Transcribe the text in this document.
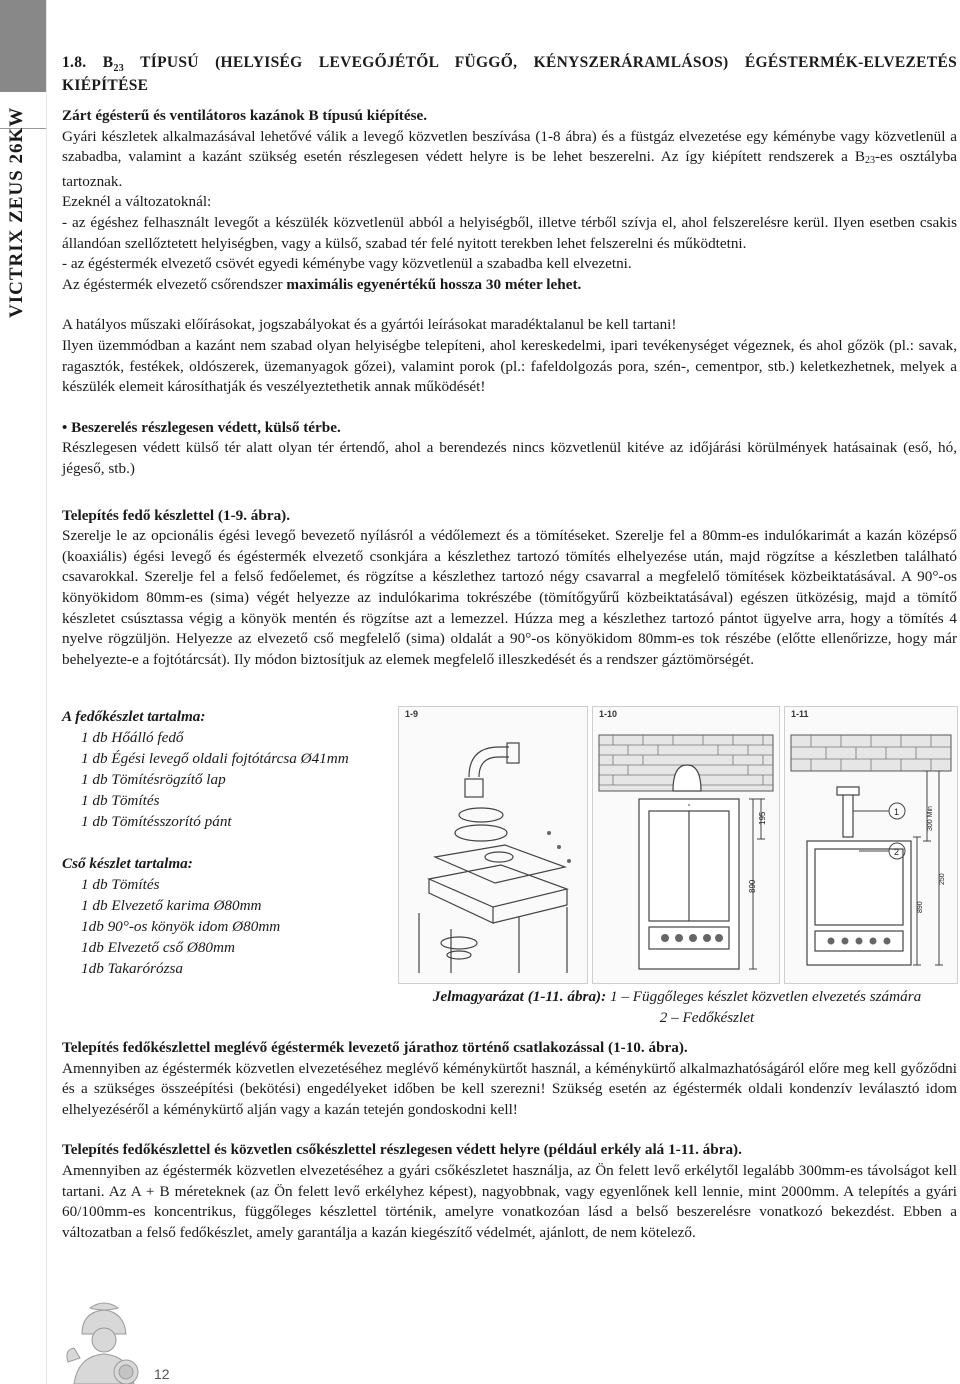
VICTRIX ZEUS 26KW
1.8. $B_{23}$ TÍPUSÚ (HELYISÉG LEVEGŐJÉTŐL FÜGGŐ, KÉNYSZERÁRAMLÁSOS) ÉGÉSTERMÉK-ELVEZETÉS KIÉPÍTÉSE

Zárt égésterű és ventilátoros kazánok B típusú kiépítése.

Gyári készletek alkalmazásával lehetővé válik a levegő közvetlen beszívása (1-8 ábra) és a füstgáz elvezetése egy kéménybe vagy közvetlenül a szabadba, valamint a kazánt szükség esetén részlegesen védett helyre is be lehet beszerelni. Az így kiépített rendszerek a $B_{23}-es$ osztályba tartoznak.

Ezeknél a változatoknál:

- az égéshez felhasznált levegőt a készülék közvetlenül abból a helyiségből, illetve térből szívja el, ahol felszerelésre kerül. Ilyen esetben csakis állandóan szellőztetett helyiségben, vagy a külső, szabad tér felé nyitott terekben lehet felszerelni és működtetni.

- az égéstermék elvezető csövét egyedi kéménybe vagy közvetlenül a szabadba kell elvezetni.

Az égéstermék elvezető csőrendszer maximális egyenértékű hossza 30 méter lehet.

A hatályos műszaki előírásokat, jogszabályokat és a gyártói leírásokat maradéktalanul be kell tartani!

Ilyen üzemmódban a kazánt nem szabad olyan helyiségbe telepíteni, ahol kereskedelmi, ipari tevékenységet végeznek, és ahol gőzök (pl.: savak, ragasztók, festékek, oldószerek, üzemanyagok gőzei), valamint porok (pl.: fafeldolgozás pora, szén-, cementpor, stb.) keletkezhetnek, melyek a készülék elemeit károsíthatják és veszélyeztethetik annak működését!

• Beszerelés részlegesen védett, külső térbe.

Részlegesen védett külső tér alatt olyan tér értendő, ahol a berendezés nincs közvetlenül kitéve az időjárási körülmények hatásainak (eső, hó, jégeső, stb.)

Telepítés fedő készlettel (1-9. ábra).

Szerelje le az opcionális égési levegő bevezető nyílásról a védőlemezt és a tömítéseket. Szerelje fel a 80mm-es indulókarimát a kazán középső (koaxiális) égési levegő és égéstermék elvezető csonkjára a készlethez tartozó tömítés elhelyezése után, majd rögzítse a készletben található csavarokkal. Szerelje fel a felső fedőelemet, és rögzítse a készlethez tartozó négy csavarral a megfelelő tömítések közbeiktatásával. A 90°-os könyökidom 80mm-es (sima) végét helyezze az indulókarima tokrészébe (tömítőgyűrű közbeiktatásával) egészen ütközésig, majd a tömítő készletet csúsztassa végig a könyök mentén és rögzítse azt a lemezzel. Húzza meg a készlethez tartozó pántot ügyelve arra, hogy a tömítés 4 nyelve rögzüljön. Helyezze az elvezető cső megfelelő (sima) oldalát a 90°-os könyökidom 80mm-es tok részébe (előtte ellenőrizze, hogy már behelyezte-e a fojtótárcsát). Ily módon biztosítjuk az elemek megfelelő illeszkedését és a rendszer gáztömörségét.

A fedőkészlet tartalma:
1 db Hőálló fedő
1 db Égési levegő oldali fojtótárcsa Ø41mm
1 db Tömítésrögzítő lap
1 db Tömítés
1 db Tömítésszorító pánt
Cső készlet tartalma:
1 db Tömítés
1 db Elvezető karima Ø80mm
1db 90°-os könyök idom Ø80mm
1db Elvezető cső Ø80mm
1db Takarórózsa
1-9	1-10
890
195
1-11
1
2
300 Min
250
890
Jelmagyarázat (1-11. ábra): 1 – Függőleges készlet közvetlen elvezetés számára
2 – Fedőkészlet

Telepítés fedőkészlettel meglévő égéstermék levezető járathoz történő csatlakozással (1-10. ábra).

Amennyiben az égéstermék közvetlen elvezetéséhez meglévő kéménykürtőt használ, a kéménykürtő alkalmazhatóságáról előre meg kell győződni és a szükséges összeépítési (bekötési) engedélyeket időben be kell szerezni! Szükség esetén az égéstermék oldali kondenzív leválasztó idom elhelyezéséről a kéménykürtő alján vagy a kazán tetején gondoskodni kell!

Telepítés fedőkészlettel és közvetlen csőkészlettel részlegesen védett helyre (például erkély alá 1-11. ábra).

Amennyiben az égéstermék közvetlen elvezetéséhez a gyári csőkészletet használja, az Ön felett levő erkélytől legalább 300mm-es távolságot kell tartani. Az A + B méreteknek (az Ön felett levő erkélyhez képest), nagyobbnak, vagy egyenlőnek kell lennie, mint 2000mm. A telepítés a gyári 60/100mm-es koncentrikus, függőleges készlettel történik, amelyre vonatkozóan lásd a belső beszerelésre vonatkozó bekezdést. Ebben a változatban a felső fedőkészlet, amely garantálja a kazán kiegészítő védelmét, ajánlott, de nem kötelező.

12
